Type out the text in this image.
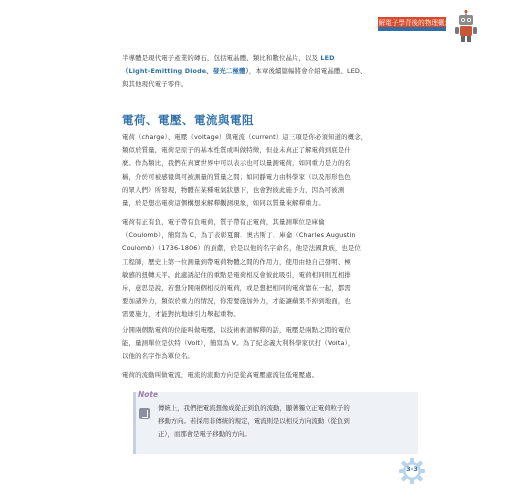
了解電子學背後的物理概念
半導體是現代電子產業的磚石，包括電晶體、類比和數位晶片，以及 LED
（Light-Emitting Diode、發光二極體），本章後續篇幅將會介紹電晶體、LED、
與其他現代電子零件。
電荷、電壓、電流與電阻
電荷（charge）、電壓（voltage）與電流（current）這三項是你必須知道的概念，
類似於質量，電荷是原子的基本性質或叫做特徵，但並未真正了解電荷到底是什
麼。作為類比，我們在真實世界中可以表示也可以量測電荷，如同重力是力的名
稱，介於可被感覺與可被測量的質量之間；如同靜電力由科學家（以及形形色色
的眾人們）所發現，物體在某種電氣狀態下，也會對彼此施予力，因為可被測
量，於是想出電荷這個構想來解釋觀測現象，如同以質量來解釋重力。
電荷有正有負，電子帶有負電荷，質子帶有正電荷，其量測單位是庫倫
（Coulomb），簡寫為 C，為了表彰夏爾．奧古斯丁．庫侖（Charles Augustin
Coulomb）（1736-1806）的貢獻，於是以他的名字命名，他是法國貴族，也是位
工程師，歷史上第一位測量到帶電荷物體之間的作用力，使用由他自己發明、極
敏感的扭轉天平。此處誘記住的重點是電荷相反會彼此吸引，電荷相同則互相排
斥，意思是說，若想分開兩個相反的電荷，或是想把相同的電荷靠在一起，都需
要加諸外力，類似於重力的情況，你需要施加外力，才能讓蘋果不掉到地面，也
需要施力，才能對抗地球引力舉起重物。
分開兩個點電荷的位能叫做電壓，以技術術語解釋的話，電壓是兩點之間的電位
能，量測單位是伏特（Volt），簡寫為 V。為了紀念義大利科學家伏打（Volta），
以他的名字作為單位名。
電荷的流動叫做電流，電流的流動方向是從高電壓處流往低電壓處。
Note
傳統上，我們把電流想像成從正到負的流動，顯著獨立正電荷粒子的
移動方向。若採用非傳統的規定，電流則是以相反方向流動（從負到
正），而那會是電子移動的方向。
3-3
